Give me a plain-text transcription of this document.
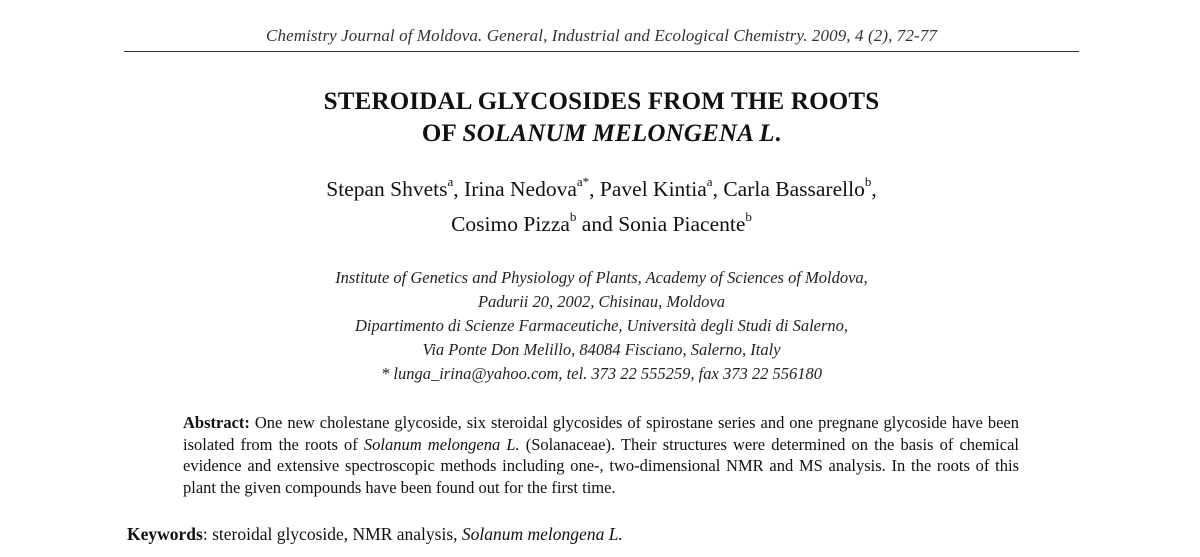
Chemistry Journal of Moldova. General, Industrial and Ecological Chemistry. 2009, 4 (2), 72-77
STEROIDAL GLYCOSIDES FROM THE ROOTS
OF SOLANUM MELONGENA L.
Stepan Shvets$^a$, Irina Nedova$^{a*}$, Pavel Kintia$^a$, Carla Bassarello$^b$,
Cosimo Pizza$^b$ and Sonia Piacente$^b$
Institute of Genetics and Physiology of Plants, Academy of Sciences of Moldova,
Padurii 20, 2002, Chisinau, Moldova
Dipartimento di Scienze Farmaceutiche, Università degli Studi di Salerno,
Via Ponte Don Melillo, 84084 Fisciano, Salerno, Italy
* lunga_irina@yahoo.com, tel. 373 22 555259, fax 373 22 556180
Abstract: One new cholestane glycoside, six steroidal glycosides of spirostane series and one pregnane glycoside have been isolated from the roots of Solanum melongena L. (Solanaceae). Their structures were determined on the basis of chemical evidence and extensive spectroscopic methods including one-, two-dimensional NMR and MS analysis. In the roots of this plant the given compounds have been found out for the first time.
Keywords: steroidal glycoside, NMR analysis, Solanum melongena L.
